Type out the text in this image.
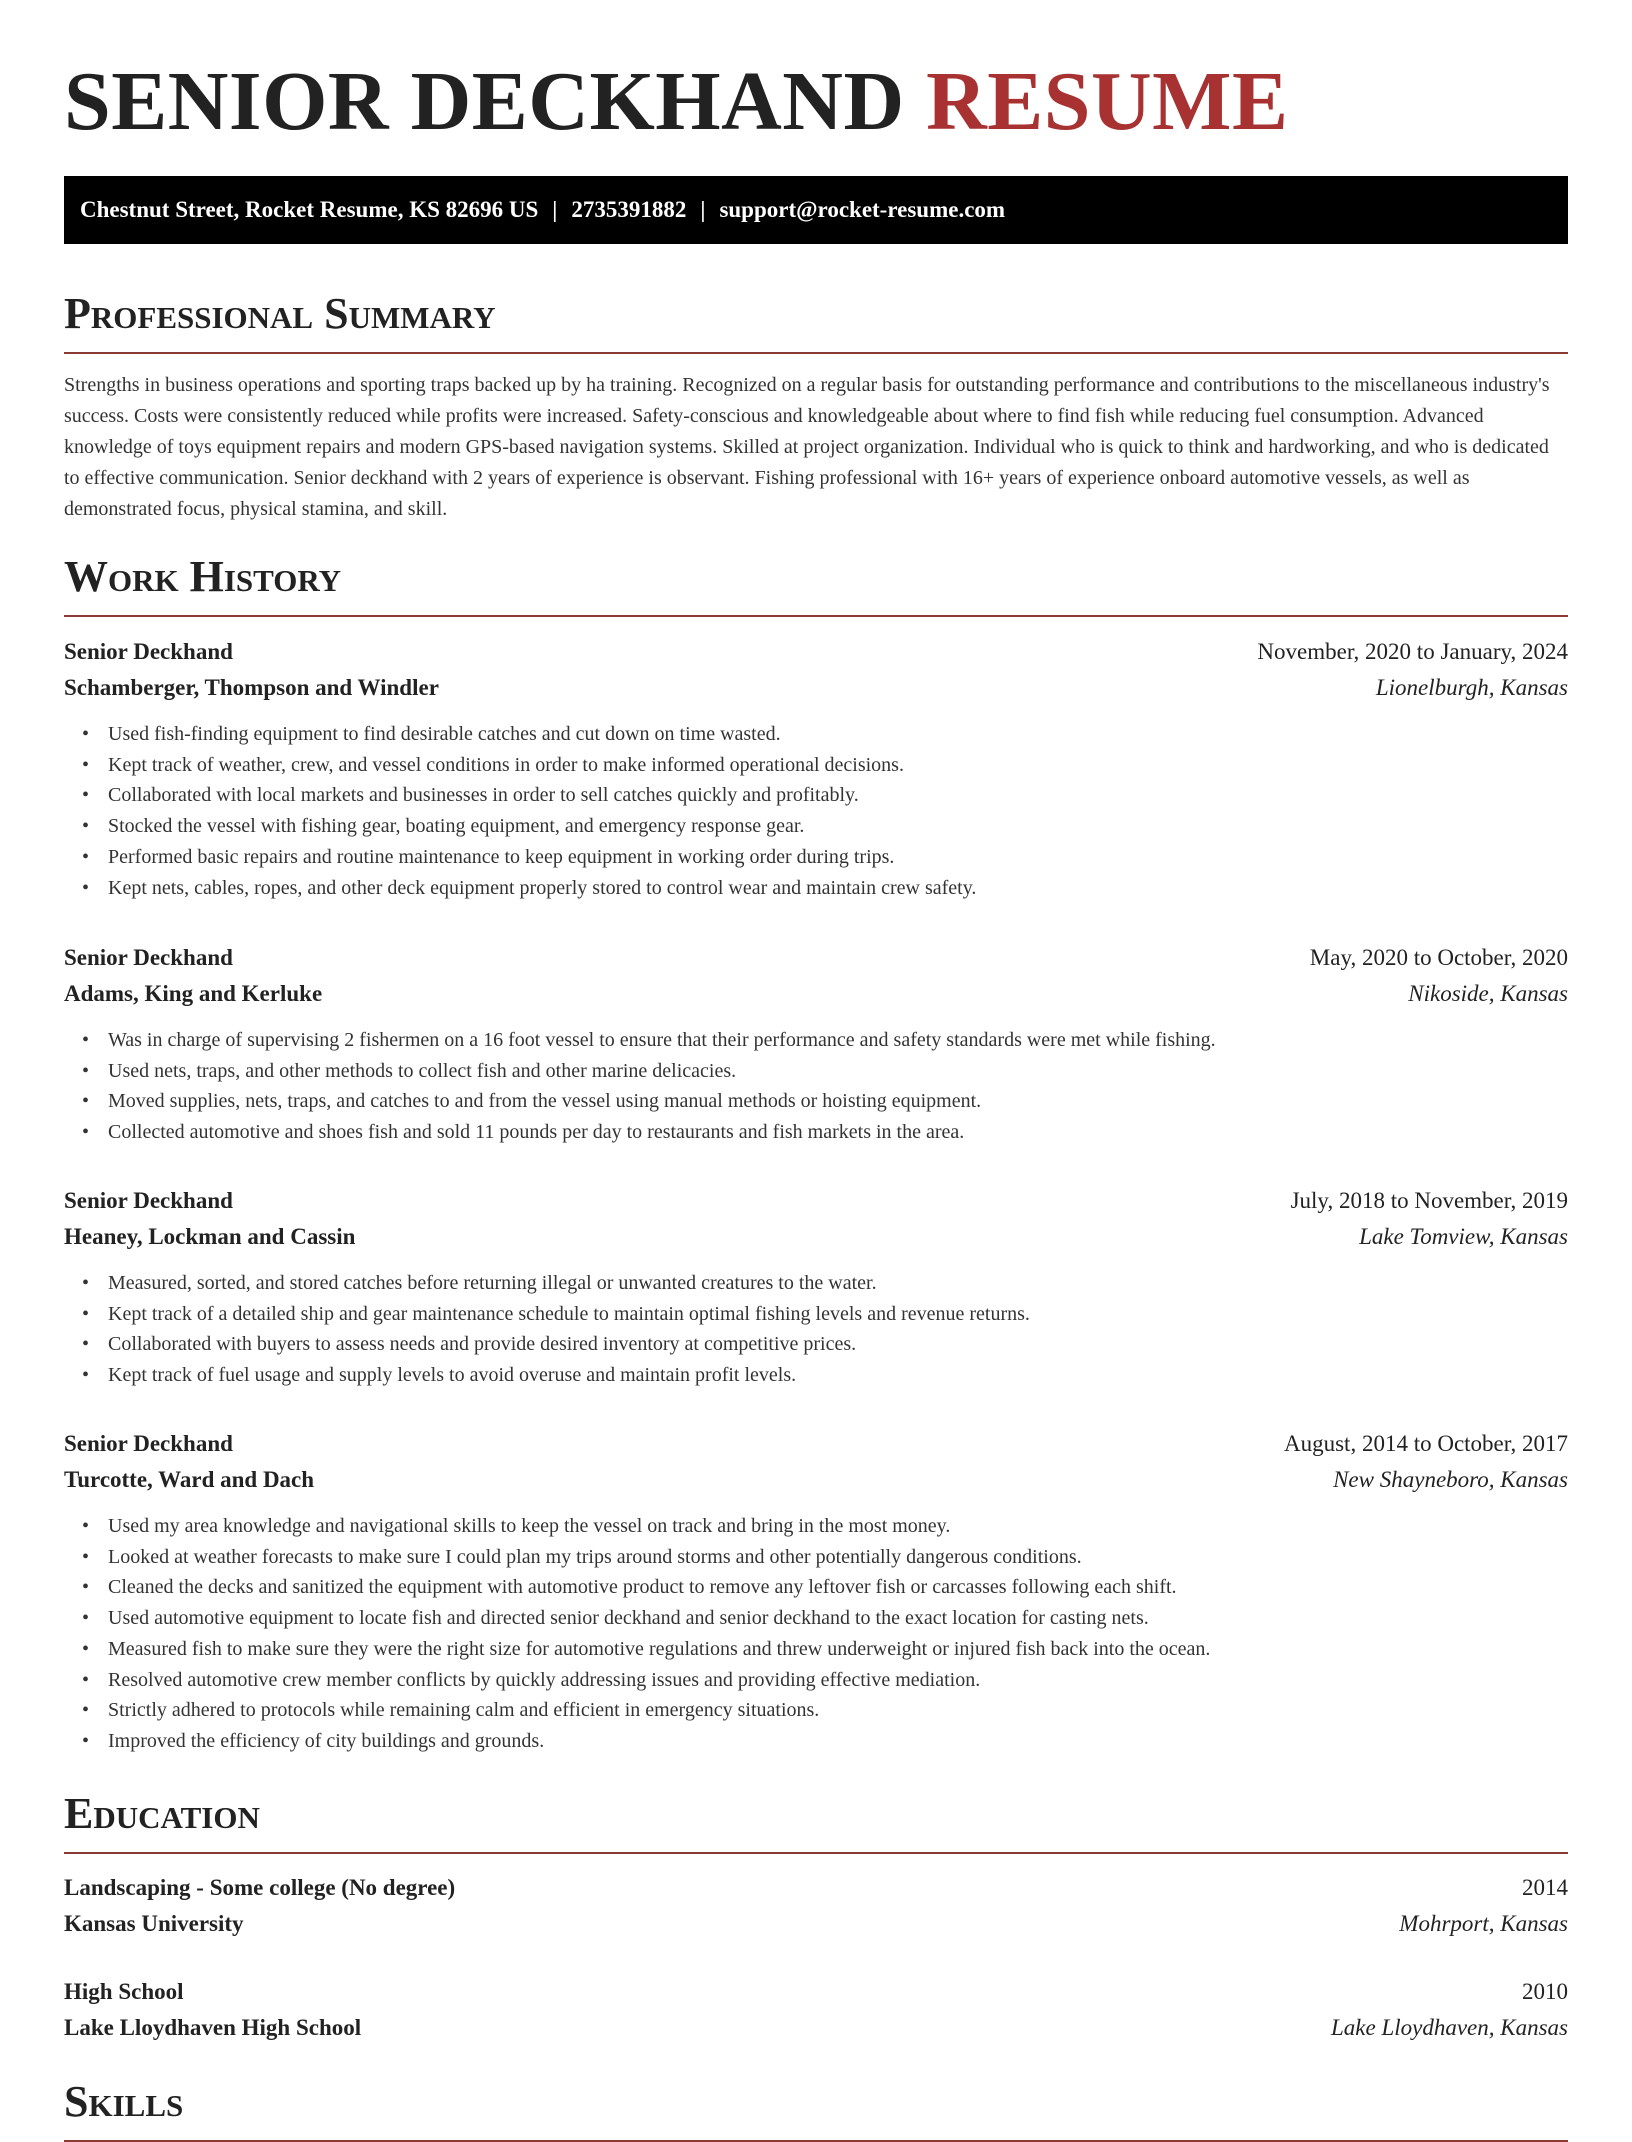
SENIOR DECKHAND RESUME
Chestnut Street, Rocket Resume, KS 82696 US | 2735391882 | support@rocket-resume.com
Professional Summary

Strengths in business operations and sporting traps backed up by ha training. Recognized on a regular basis for outstanding performance and contributions to the miscellaneous industry's success. Costs were consistently reduced while profits were increased. Safety-conscious and knowledgeable about where to find fish while reducing fuel consumption. Advanced knowledge of toys equipment repairs and modern GPS-based navigation systems. Skilled at project organization. Individual who is quick to think and hardworking, and who is dedicated to effective communication. Senior deckhand with 2 years of experience is observant. Fishing professional with 16+ years of experience onboard automotive vessels, as well as demonstrated focus, physical stamina, and skill.

Work History
Senior Deckhand	November, 2020 to January, 2024
Schamberger, Thompson and Windler	Lionelburgh, Kansas
• Used fish-finding equipment to find desirable catches and cut down on time wasted.
• Kept track of weather, crew, and vessel conditions in order to make informed operational decisions.
• Collaborated with local markets and businesses in order to sell catches quickly and profitably.
• Stocked the vessel with fishing gear, boating equipment, and emergency response gear.
• Performed basic repairs and routine maintenance to keep equipment in working order during trips.
• Kept nets, cables, ropes, and other deck equipment properly stored to control wear and maintain crew safety.
Senior Deckhand	May, 2020 to October, 2020
Adams, King and Kerluke	Nikoside, Kansas
• Was in charge of supervising 2 fishermen on a 16 foot vessel to ensure that their performance and safety standards were met while fishing.
• Used nets, traps, and other methods to collect fish and other marine delicacies.
• Moved supplies, nets, traps, and catches to and from the vessel using manual methods or hoisting equipment.
• Collected automotive and shoes fish and sold 11 pounds per day to restaurants and fish markets in the area.
Senior Deckhand	July, 2018 to November, 2019
Heaney, Lockman and Cassin	Lake Tomview, Kansas
• Measured, sorted, and stored catches before returning illegal or unwanted creatures to the water.
• Kept track of a detailed ship and gear maintenance schedule to maintain optimal fishing levels and revenue returns.
• Collaborated with buyers to assess needs and provide desired inventory at competitive prices.
• Kept track of fuel usage and supply levels to avoid overuse and maintain profit levels.
Senior Deckhand	August, 2014 to October, 2017
Turcotte, Ward and Dach	New Shayneboro, Kansas
• Used my area knowledge and navigational skills to keep the vessel on track and bring in the most money.
• Looked at weather forecasts to make sure I could plan my trips around storms and other potentially dangerous conditions.
• Cleaned the decks and sanitized the equipment with automotive product to remove any leftover fish or carcasses following each shift.
• Used automotive equipment to locate fish and directed senior deckhand and senior deckhand to the exact location for casting nets.
• Measured fish to make sure they were the right size for automotive regulations and threw underweight or injured fish back into the ocean.
• Resolved automotive crew member conflicts by quickly addressing issues and providing effective mediation.
• Strictly adhered to protocols while remaining calm and efficient in emergency situations.
• Improved the efficiency of city buildings and grounds.
Education
Landscaping - Some college (No degree)	2014
Kansas University	Mohrport, Kansas
High School	2010
Lake Lloydhaven High School	Lake Lloydhaven, Kansas
Skills
